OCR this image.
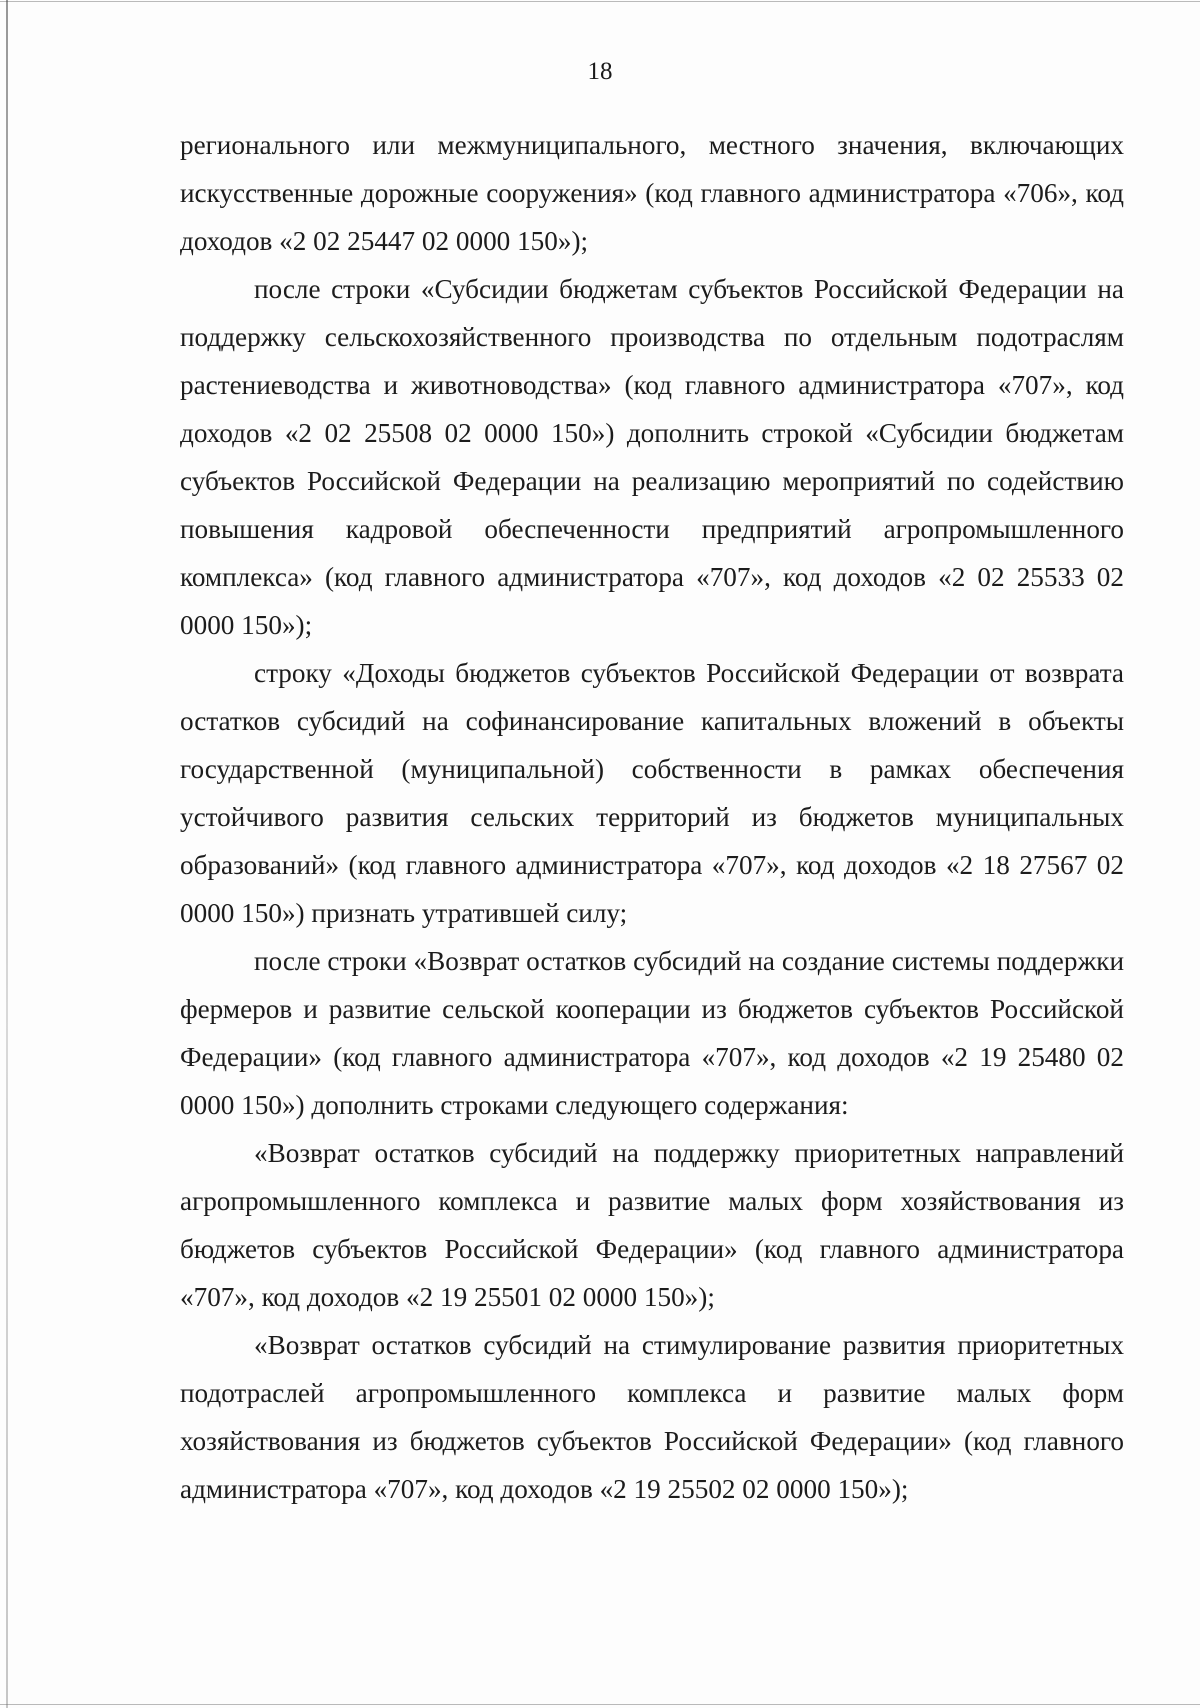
18

регионального или межмуниципального, местного значения, включающих искусственные дорожные сооружения» (код главного администратора «706», код доходов «2 02 25447 02 0000 150»);

после строки «Субсидии бюджетам субъектов Российской Федерации на поддержку сельскохозяйственного производства по отдельным подотраслям растениеводства и животноводства» (код главного администратора «707», код доходов «2 02 25508 02 0000 150») дополнить строкой «Субсидии бюджетам субъектов Российской Федерации на реализацию мероприятий по содействию повышения кадровой обеспеченности предприятий агропромышленного комплекса» (код главного администратора «707», код доходов «2 02 25533 02 0000 150»);

строку «Доходы бюджетов субъектов Российской Федерации от возврата остатков субсидий на софинансирование капитальных вложений в объекты государственной (муниципальной) собственности в рамках обеспечения устойчивого развития сельских территорий из бюджетов муниципальных образований» (код главного администратора «707», код доходов «2 18 27567 02 0000 150») признать утратившей силу;

после строки «Возврат остатков субсидий на создание системы поддержки фермеров и развитие сельской кооперации из бюджетов субъектов Российской Федерации» (код главного администратора «707», код доходов «2 19 25480 02 0000 150») дополнить строками следующего содержания:

«Возврат остатков субсидий на поддержку приоритетных направлений агропромышленного комплекса и развитие малых форм хозяйствования из бюджетов субъектов Российской Федерации» (код главного администратора «707», код доходов «2 19 25501 02 0000 150»);

«Возврат остатков субсидий на стимулирование развития приоритетных подотраслей агропромышленного комплекса и развитие малых форм хозяйствования из бюджетов субъектов Российской Федерации» (код главного администратора «707», код доходов «2 19 25502 02 0000 150»);
